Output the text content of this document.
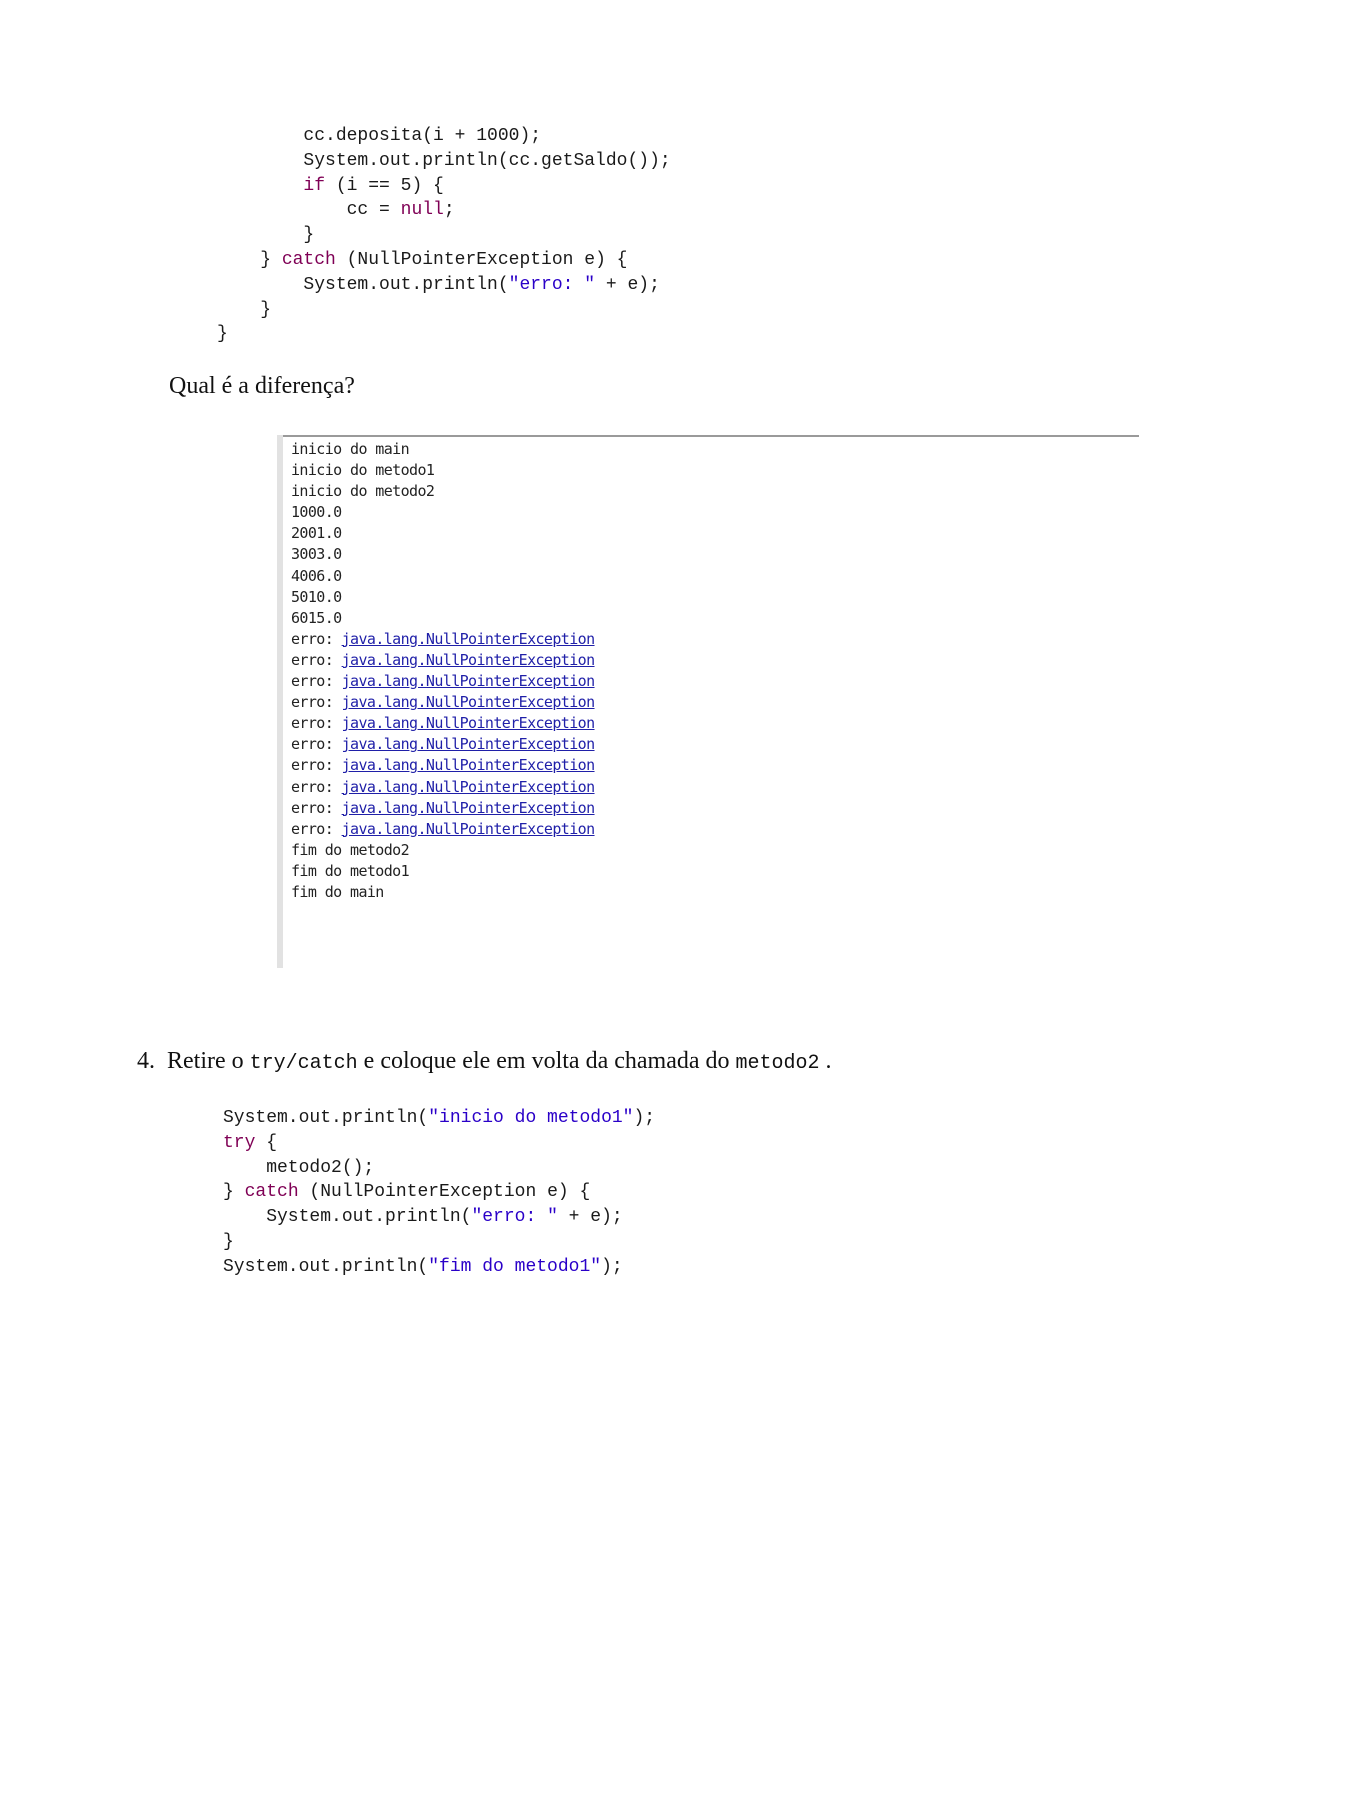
cc.deposita(i + 1000);
System.out.println(cc.getSaldo());
if (i == 5) {
cc = null;
}
} catch (NullPointerException e) {
System.out.println("erro: " + e);
}
}
Qual é a diferença?
inicio do main
inicio do metodo1
inicio do metodo2
1000.0
2001.0
3003.0
4006.0
5010.0
6015.0
erro: java.lang.NullPointerException
erro: java.lang.NullPointerException
erro: java.lang.NullPointerException
erro: java.lang.NullPointerException
erro: java.lang.NullPointerException
erro: java.lang.NullPointerException
erro: java.lang.NullPointerException
erro: java.lang.NullPointerException
erro: java.lang.NullPointerException
erro: java.lang.NullPointerException
fim do metodo2
fim do metodo1
fim do main
4. Retire o try/catch e coloque ele em volta da chamada do metodo2 .
System.out.println("inicio do metodo1");
try {
metodo2();
} catch (NullPointerException e) {
System.out.println("erro: " + e);
}
System.out.println("fim do metodo1");
